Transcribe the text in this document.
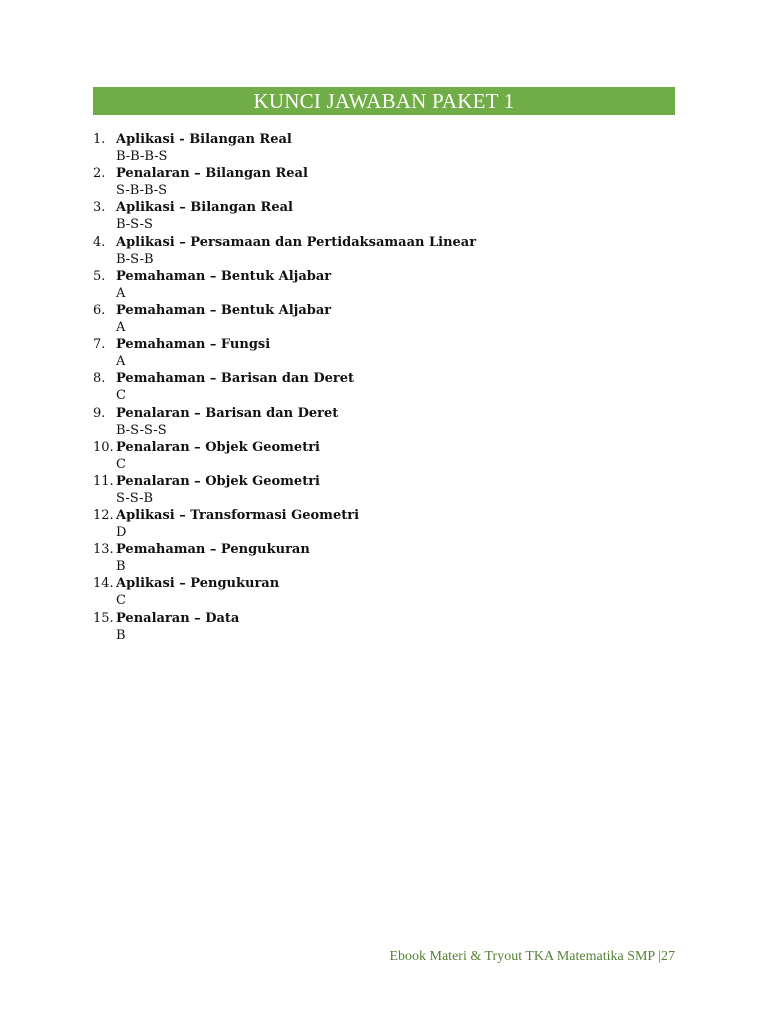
KUNCI JAWABAN PAKET 1
1. Aplikasi - Bilangan Real
B-B-B-S
2. Penalaran – Bilangan Real
S-B-B-S
3. Aplikasi – Bilangan Real
B-S-S
4. Aplikasi – Persamaan dan Pertidaksamaan Linear
B-S-B
5. Pemahaman – Bentuk Aljabar
A
6. Pemahaman – Bentuk Aljabar
A
7. Pemahaman – Fungsi
A
8. Pemahaman – Barisan dan Deret
C
9. Penalaran – Barisan dan Deret
B-S-S-S
10. Penalaran – Objek Geometri
C
11. Penalaran – Objek Geometri
S-S-B
12. Aplikasi – Transformasi Geometri
D
13. Pemahaman – Pengukuran
B
14. Aplikasi – Pengukuran
C
15. Penalaran – Data
B
Ebook Materi & Tryout TKA Matematika SMP |27
